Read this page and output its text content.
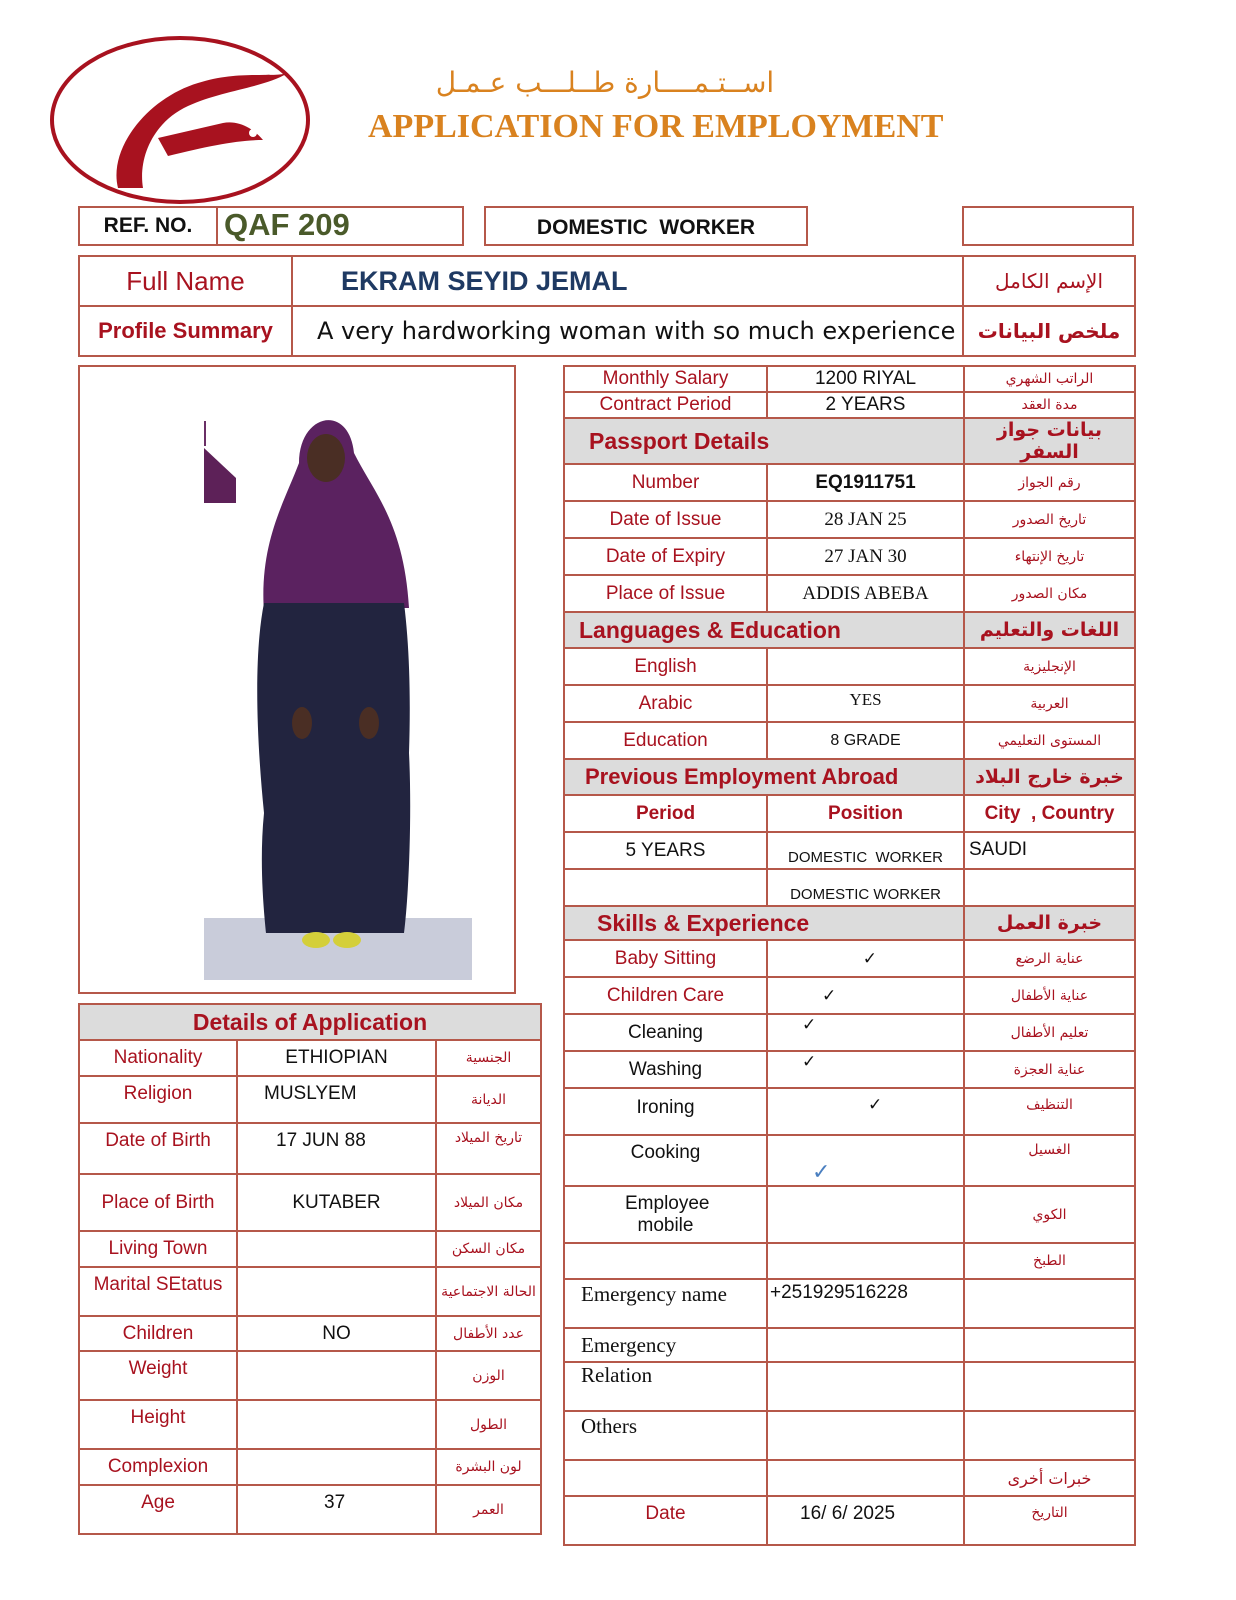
اســتـمــــارة طــلـــب عـمـل
APPLICATION FOR EMPLOYMENT
REF. NO.	QAF 209	DOMESTIC  WORKER
Full Name	EKRAM SEYID JEMAL	الإسم الكامل
Profile Summary	A very hardworking woman with so much experience	ملخص البيانات
Monthly Salary	1200 RIYAL	الراتب الشهري
Contract Period	2 YEARS	مدة العقد
Passport Details		بيانات جواز السفر
Number	EQ1911751	رقم الجواز
Date of Issue	28 JAN 25	تاريخ الصدور
Date of Expiry	27 JAN 30	تاريخ الإنتهاء
Place of Issue	ADDIS ABEBA	مكان الصدور
Languages & Education		اللغات والتعليم
English		الإنجليزية
Arabic	YES	العربية
Education	8 GRADE	المستوى التعليمي
Previous Employment Abroad		خبرة خارج البلاد
Period	Position	City  , Country
5 YEARS	DOMESTIC  WORKER	SAUDI
	DOMESTIC WORKER	
Skills & Experience		خبرة العمل
Baby Sitting	✓	عناية الرضع
Children Care	✓	عناية الأطفال
Cleaning	✓	تعليم الأطفال
Washing	✓	عناية العجزة
Ironing	✓	التنظيف
Cooking	✓	الغسيل
Employee mobile		الكوي
		الطبخ
Emergency name	+251929516228	
Emergency		
Relation		
Others		
		خبرات أخرى
Date	16/ 6/ 2025	التاريخ
Details of Application		
Nationality	ETHIOPIAN	الجنسية
Religion	MUSLYEM	الديانة
Date of Birth	17 JUN 88	تاريخ الميلاد
Place of Birth	KUTABER	مكان الميلاد
Living Town		مكان السكن
Marital SEtatus		الحالة الاجتماعية
Children	NO	عدد الأطفال
Weight		الوزن
Height		الطول
Complexion		لون البشرة
Age	37	العمر
